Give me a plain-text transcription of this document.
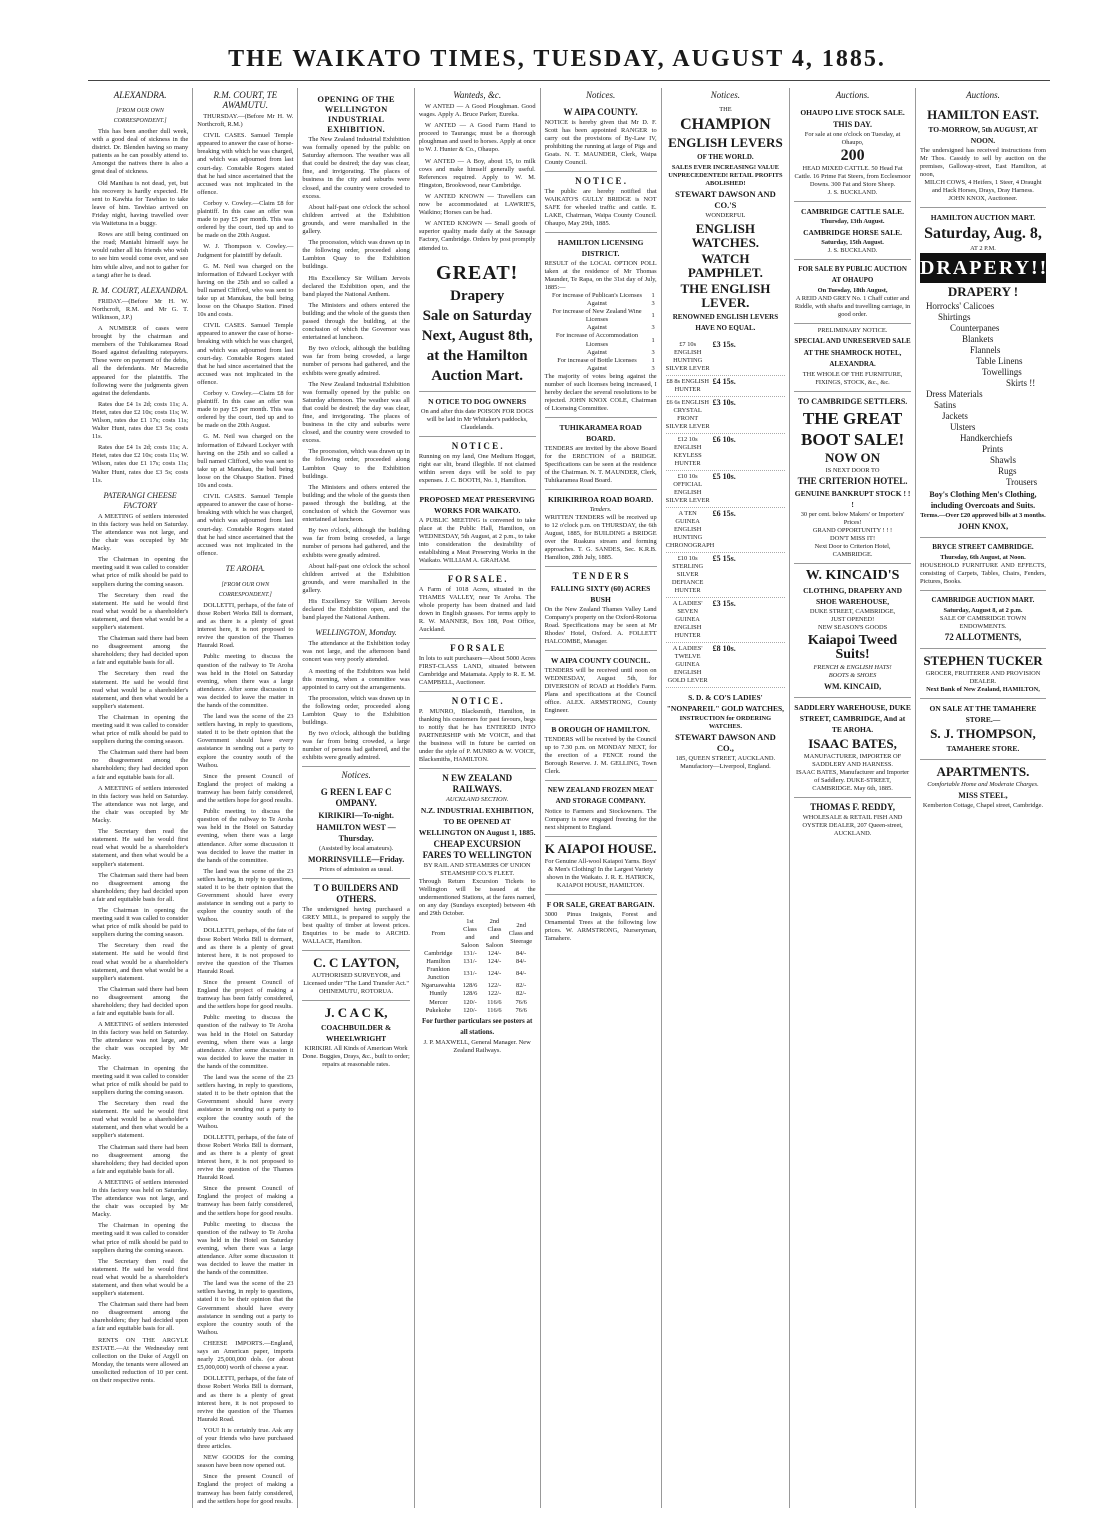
THE WAIKATO TIMES, TUESDAY, AUGUST 4, 1885.
ALEXANDRA.
[FROM OUR OWN CORRESPONDENT.]

This has been another dull week, with a good deal of sickness in the district. Dr. Blenden having so many patients as he can possibly attend to. Amongst the natives there is also a great deal of sickness.

Old Manihau is not dead, yet, but his recovery is hardly expected. He sent to Kawhia for Tawhiao to take leave of him. Tawhiao arrived on Friday night, having travelled over via Waitetuna in a buggy.

Rows are still being continued on the road; Maniahi himself says he would rather all his friends who wish to see him would come over, and see him while alive, and not to gather for a tangi after he is dead.

R. M. COURT, ALEXANDRA.

FRIDAY.—(Before Mr H. W. Northcroft, R.M. and Mr G. T. Wilkinson, J.P.)

A NUMBER of cases were brought by the chairman and members of the Tuhikaramea Road Board against defaulting ratepayers. These were on payment of the debts, all the defendants. Mr Macredie appeared for the plaintiffs. The following were the judgments given against the defendants.

Rates due £4 1s 2d; costs 11s; A. Hetet, rates due £2 10s; costs 11s; W. Wilson, rates due £1 17s; costs 11s; Walter Hunt, rates due £3 5s; costs 11s.

Rates due £4 1s 2d; costs 11s; A. Hetet, rates due £2 10s; costs 11s; W. Wilson, rates due £1 17s; costs 11s; Walter Hunt, rates due £3 5s; costs 11s.

PATERANGI CHEESE FACTORY

A MEETING of settlers interested in this factory was held on Saturday. The attendance was not large, and the chair was occupied by Mr Macky.

The Chairman in opening the meeting said it was called to consider what price of milk should be paid to suppliers during the coming season.

The Secretary then read the statement. He said he would first read what would be a shareholder's statement, and then what would be a supplier's statement.

The Chairman said there had been no disagreement among the shareholders; they had decided upon a fair and equitable basis for all.

The Secretary then read the statement. He said he would first read what would be a shareholder's statement, and then what would be a supplier's statement.

The Chairman in opening the meeting said it was called to consider what price of milk should be paid to suppliers during the coming season.

The Chairman said there had been no disagreement among the shareholders; they had decided upon a fair and equitable basis for all.

A MEETING of settlers interested in this factory was held on Saturday. The attendance was not large, and the chair was occupied by Mr Macky.

The Secretary then read the statement. He said he would first read what would be a shareholder's statement, and then what would be a supplier's statement.

The Chairman said there had been no disagreement among the shareholders; they had decided upon a fair and equitable basis for all.

The Chairman in opening the meeting said it was called to consider what price of milk should be paid to suppliers during the coming season.

The Secretary then read the statement. He said he would first read what would be a shareholder's statement, and then what would be a supplier's statement.

The Chairman said there had been no disagreement among the shareholders; they had decided upon a fair and equitable basis for all.

A MEETING of settlers interested in this factory was held on Saturday. The attendance was not large, and the chair was occupied by Mr Macky.

The Chairman in opening the meeting said it was called to consider what price of milk should be paid to suppliers during the coming season.

The Secretary then read the statement. He said he would first read what would be a shareholder's statement, and then what would be a supplier's statement.

The Chairman said there had been no disagreement among the shareholders; they had decided upon a fair and equitable basis for all.

A MEETING of settlers interested in this factory was held on Saturday. The attendance was not large, and the chair was occupied by Mr Macky.

The Chairman in opening the meeting said it was called to consider what price of milk should be paid to suppliers during the coming season.

The Secretary then read the statement. He said he would first read what would be a shareholder's statement, and then what would be a supplier's statement.

The Chairman said there had been no disagreement among the shareholders; they had decided upon a fair and equitable basis for all.

RENTS ON THE ARGYLE ESTATE.—At the Wednesday rent collection on the Duke of Argyll on Monday, the tenants were allowed an unsolicited reduction of 10 per cent. on their respective rents.

R.M. COURT, TE AWAMUTU.

THURSDAY.—(Before Mr H. W. Northcroft, R.M.)

CIVIL CASES. Samuel Temple appeared to answer the case of horse-breaking with which he was charged, and which was adjourned from last court-day. Constable Rogers stated that he had since ascertained that the accused was not implicated in the offence.

Corboy v. Cowley.—Claim £8 for plaintiff. In this case an offer was made to pay £5 per month. This was ordered by the court, tied up and to be made on the 20th August.

W. J. Thompson v. Cowley.—Judgment for plaintiff by default.

G. M. Neil was charged on the information of Edward Lockyer with having on the 25th and so called a bull named Clifford, who was sent to take up at Manukau, the bull being loose on the Ohaupo Station. Fined 10s and costs.

CIVIL CASES. Samuel Temple appeared to answer the case of horse-breaking with which he was charged, and which was adjourned from last court-day. Constable Rogers stated that he had since ascertained that the accused was not implicated in the offence.

Corboy v. Cowley.—Claim £8 for plaintiff. In this case an offer was made to pay £5 per month. This was ordered by the court, tied up and to be made on the 20th August.

G. M. Neil was charged on the information of Edward Lockyer with having on the 25th and so called a bull named Clifford, who was sent to take up at Manukau, the bull being loose on the Ohaupo Station. Fined 10s and costs.

CIVIL CASES. Samuel Temple appeared to answer the case of horse-breaking with which he was charged, and which was adjourned from last court-day. Constable Rogers stated that he had since ascertained that the accused was not implicated in the offence.

TE AROHA.
[FROM OUR OWN CORRESPONDENT.]

DOLLETTI, perhaps, of the fate of those Robert Works Bill is dormant, and as there is a plenty of great interest here, it is not proposed to revive the question of the Thames Hauraki Road.

Public meeting to discuss the question of the railway to Te Aroha was held in the Hotel on Saturday evening, when there was a large attendance. After some discussion it was decided to leave the matter in the hands of the committee.

The land was the scene of the 23 settlers having, in reply to questions, stated it to be their opinion that the Government should have every assistance in sending out a party to explore the country south of the Waihou.

Since the present Council of England the project of making a tramway has been fairly considered, and the settlers hope for good results.

Public meeting to discuss the question of the railway to Te Aroha was held in the Hotel on Saturday evening, when there was a large attendance. After some discussion it was decided to leave the matter in the hands of the committee.

The land was the scene of the 23 settlers having, in reply to questions, stated it to be their opinion that the Government should have every assistance in sending out a party to explore the country south of the Waihou.

DOLLETTI, perhaps, of the fate of those Robert Works Bill is dormant, and as there is a plenty of great interest here, it is not proposed to revive the question of the Thames Hauraki Road.

Since the present Council of England the project of making a tramway has been fairly considered, and the settlers hope for good results.

Public meeting to discuss the question of the railway to Te Aroha was held in the Hotel on Saturday evening, when there was a large attendance. After some discussion it was decided to leave the matter in the hands of the committee.

The land was the scene of the 23 settlers having, in reply to questions, stated it to be their opinion that the Government should have every assistance in sending out a party to explore the country south of the Waihou.

DOLLETTI, perhaps, of the fate of those Robert Works Bill is dormant, and as there is a plenty of great interest here, it is not proposed to revive the question of the Thames Hauraki Road.

Since the present Council of England the project of making a tramway has been fairly considered, and the settlers hope for good results.

Public meeting to discuss the question of the railway to Te Aroha was held in the Hotel on Saturday evening, when there was a large attendance. After some discussion it was decided to leave the matter in the hands of the committee.

The land was the scene of the 23 settlers having, in reply to questions, stated it to be their opinion that the Government should have every assistance in sending out a party to explore the country south of the Waihou.

CHEESE IMPORTS.—England, says an American paper, imports nearly 25,000,000 dols. (or about £5,000,000) worth of cheese a year.

DOLLETTI, perhaps, of the fate of those Robert Works Bill is dormant, and as there is a plenty of great interest here, it is not proposed to revive the question of the Thames Hauraki Road.

YOU! It is certainly true. Ask any of your friends who have purchased three articles.

NEW GOODS for the coming season have been now opened out.

Since the present Council of England the project of making a tramway has been fairly considered, and the settlers hope for good results.

OPENING OF THE WELLINGTON INDUSTRIAL EXHIBITION.

The New Zealand Industrial Exhibition was formally opened by the public on Saturday afternoon. The weather was all that could be desired; the day was clear, fine, and invigorating. The places of business in the city and suburbs were closed, and the country were crowded to excess.

About half-past one o'clock the school children arrived at the Exhibition grounds, and were marshalled in the gallery.

The procession, which was drawn up in the following order, proceeded along Lambton Quay to the Exhibition buildings.

His Excellency Sir William Jervois declared the Exhibition open, and the band played the National Anthem.

The Ministers and others entered the building; and the whole of the guests then passed through the building, at the conclusion of which the Governor was entertained at luncheon.

By two o'clock, although the building was far from being crowded, a large number of persons had gathered, and the exhibits were greatly admired.

The New Zealand Industrial Exhibition was formally opened by the public on Saturday afternoon. The weather was all that could be desired; the day was clear, fine, and invigorating. The places of business in the city and suburbs were closed, and the country were crowded to excess.

The procession, which was drawn up in the following order, proceeded along Lambton Quay to the Exhibition buildings.

The Ministers and others entered the building; and the whole of the guests then passed through the building, at the conclusion of which the Governor was entertained at luncheon.

By two o'clock, although the building was far from being crowded, a large number of persons had gathered, and the exhibits were greatly admired.

About half-past one o'clock the school children arrived at the Exhibition grounds, and were marshalled in the gallery.

His Excellency Sir William Jervois declared the Exhibition open, and the band played the National Anthem.

WELLINGTON, Monday.

The attendance at the Exhibition today was not large, and the afternoon band concert was very poorly attended.

A meeting of the Exhibitors was held this morning, when a committee was appointed to carry out the arrangements.

The procession, which was drawn up in the following order, proceeded along Lambton Quay to the Exhibition buildings.

By two o'clock, although the building was far from being crowded, a large number of persons had gathered, and the exhibits were greatly admired.

Notices.
G REEN L EAF C OMPANY.
KIRIKIRI—To-night.
HAMILTON WEST — Thursday.
(Assisted by local amateurs).
MORRINSVILLE—Friday.
Prices of admission as usual.
T O BUILDERS AND OTHERS.
The undersigned having purchased a GREY MILL, is prepared to supply the best quality of timber at lowest prices. Enquiries to be made to ARCHD. WALLACE, Hamilton.
C. C LAYTON,
AUTHORISED SURVEYOR, and Licensed under "The Land Transfer Act." OHINEMUTU, ROTORUA.
J. C A C K,
COACHBUILDER & WHEELWRIGHT
KIRIKIRI. All Kinds of American Work Done. Buggies, Drays, &c., built to order; repairs at reasonable rates.
Wanteds, &c.

W ANTED — A Good Ploughman. Good wages. Apply A. Bruce Parker, Eureka.

W ANTED — A Good Farm Hand to proceed to Tauranga; must be a thorough ploughman and used to horses. Apply at once to W. J. Hunter & Co., Ohaupo.

W ANTED — A Boy, about 15, to milk cows and make himself generally useful. References required. Apply to W. M. Hingston, Brookwood, near Cambridge.

W ANTED KNOWN — Travellers can now be accommodated at LAWRIE'S, Waikino; Horses can be had.

W ANTED KNOWN — Small goods of superior quality made daily at the Sausage Factory, Cambridge. Orders by post promptly attended to.

GREAT!
Drapery
Sale on Saturday
Next, August 8th,
at the Hamilton
Auction Mart.
N OTICE TO DOG OWNERS
On and after this date POISON FOR DOGS will be laid in Mr Whitaker's paddocks, Claudelands.
N O T I C E .
Running on my land, One Medium Hogget, right ear slit, brand illegible. If not claimed within seven days will be sold to pay expenses. J. C. BOOTH, No. 1, Hamilton.
PROPOSED MEAT PRESERVING WORKS FOR WAIKATO.
A PUBLIC MEETING is convened to take place at the Public Hall, Hamilton, on WEDNESDAY, 5th August, at 2 p.m., to take into consideration the desirability of establishing a Meat Preserving Works in the Waikato. WILLIAM A. GRAHAM.
F O R S A L E .
A Farm of 1018 Acres, situated in the THAMES VALLEY, near Te Aroha. The whole property has been drained and laid down in English grasses. For terms apply to R. W. MANNER, Box 188, Post Office, Auckland.
F O R S A L E
In lots to suit purchasers—About 5000 Acres FIRST-CLASS LAND, situated between Cambridge and Matamata. Apply to R. E. M. CAMPBELL, Auctioneer.
N O T I C E .
P. MUNRO, Blacksmith, Hamilton, in thanking his customers for past favours, begs to notify that he has ENTERED INTO PARTNERSHIP with Mr VOICE, and that the business will in future be carried on under the style of P. MUNRO & W. VOICE, Blacksmiths, HAMILTON.
N EW ZEALAND RAILWAYS.
AUCKLAND SECTION.
N.Z. INDUSTRIAL EXHIBITION, TO BE OPENED AT WELLINGTON ON August 1, 1885.
CHEAP EXCURSION FARES TO WELLINGTON
BY RAIL AND STEAMERS OF UNION STEAMSHIP CO.'S FLEET.
Through Return Excursion Tickets to Wellington will be issued at the undermentioned Stations, at the fares named, on any day (Sundays excepted) between 4th and 29th October.
From	1st Class and Saloon	2nd Class and Saloon	2nd Class and Steerage
Cambridge	131/-	124/-	84/-
Hamilton	131/-	124/-	84/-
Frankton Junction	131/-	124/-	84/-
Ngaruawahia	128/6	122/-	82/-
Huntly	128/6	122/-	82/-
Mercer	120/-	116/6	76/6
Pukekohe	120/-	116/6	76/6
For further particulars see posters at all stations.
J. P. MAXWELL, General Manager. New Zealand Railways.
Notices.
W AIPA COUNTY.
NOTICE is hereby given that Mr D. F. Scott has been appointed RANGER to carry out the provisions of By-Law IV, prohibiting the running at large of Pigs and Goats. N. T. MAUNDER, Clerk, Waipa County Council.
N O T I C E .
The public are hereby notified that WAIKATO'S GULLY BRIDGE is NOT SAFE for wheeled traffic and cattle. E. LAKE, Chairman, Waipa County Council. Ohaupo, May 29th, 1885.
HAMILTON LICENSING DISTRICT.
RESULT of the LOCAL OPTION POLL taken at the residence of Mr Thomas Maunder, Te Rapa, on the 31st day of July, 1885:—
For increase of Publican's Licenses	1
Against	3
For increase of New Zealand Wine Licenses	1
Against	3
For increase of Accommodation Licenses	1
Against	3
For increase of Bottle Licenses	1
Against	3
The majority of votes being against the number of such licenses being increased, I hereby declare the several resolutions to be rejected. JOHN KNOX COLE, Chairman of Licensing Committee.
TUHIKARAMEA ROAD BOARD.
TENDERS are invited by the above Board for the ERECTION of a BRIDGE. Specifications can be seen at the residence of the Chairman. N. T. MAUNDER, Clerk, Tuhikaramea Road Board.
KIRIKIRIROA ROAD BOARD.
Tenders.
WRITTEN TENDERS will be received up to 12 o'clock p.m. on THURSDAY, the 6th August, 1885, for BUILDING a BRIDGE over the Ruakura stream and forming approaches. T. G. SANDES, Sec. K.R.B. Hamilton, 28th July, 1885.
T E N D E R S
FALLING SIXTY (60) ACRES BUSH
On the New Zealand Thames Valley Land Company's property on the Oxford-Rotorua Road. Specifications may be seen at Mr Rhodes' Hotel, Oxford. A. FOLLETT HALCOMBE, Manager.
W AIPA COUNTY COUNCIL.
TENDERS will be received until noon on WEDNESDAY, August 5th, for DIVERSION of ROAD at Hoddle's Farm. Plans and specifications at the Council office. ALEX. ARMSTRONG, County Engineer.
B OROUGH OF HAMILTON.
TENDERS will be received by the Council up to 7.30 p.m. on MONDAY NEXT, for the erection of a FENCE round the Borough Reserve. J. M. GELLING, Town Clerk.
NEW ZEALAND FROZEN MEAT AND STORAGE COMPANY.
Notice to Farmers and Stockowners. The Company is now engaged freezing for the next shipment to England.
K AIAPOI HOUSE.
For Genuine All-wool Kaiapoi Yarns. Boys' & Men's Clothing! In the Largest Variety shown in the Waikato. J. R. E. HATRICK, KAIAPOI HOUSE, HAMILTON.
F OR SALE, GREAT BARGAIN.
3000 Pinus Insignis, Forest and Ornamental Trees at the following low prices. W. ARMSTRONG, Nurseryman, Tamahere.
Notices.
THE
CHAMPION
ENGLISH LEVERS
OF THE WORLD.
SALES EVER INCREASING! VALUE UNPRECEDENTED! RETAIL PROFITS ABOLISHED!
STEWART DAWSON AND CO.'S
WONDERFUL
ENGLISH WATCHES.
WATCH PAMPHLET.
THE ENGLISH LEVER.
RENOWNED ENGLISH LEVERS HAVE NO EQUAL.
£7 10s ENGLISH HUNTING SILVER LEVER
£3 15s.
£8 8s ENGLISH HUNTER
£4 15s.
£6 6s ENGLISH CRYSTAL FRONT SILVER LEVER
£3 10s.
£12 10s ENGLISH KEYLESS HUNTER
£6 10s.
£10 10s OFFICIAL ENGLISH SILVER LEVER
£5 10s.
A TEN GUINEA ENGLISH HUNTING CHRONOGRAPH
£6 15s.
£10 10s STERLING SILVER DEFIANCE HUNTER
£5 15s.
A LADIES' SEVEN GUINEA ENGLISH HUNTER
£3 15s.
A LADIES' TWELVE GUINEA ENGLISH GOLD LEVER
£8 10s.
S. D. & CO'S LADIES' "NONPAREIL" GOLD WATCHES,
INSTRUCTION for ORDERING WATCHES.
STEWART DAWSON AND CO.,
185, QUEEN STREET, AUCKLAND. Manufactory—Liverpool, England.
Auctions.
OHAUPO LIVE STOCK SALE.
THIS DAY.
For sale at one o'clock on Tuesday, at Ohaupo,
200
HEAD MIXED CATTLE. 50 Head Fat Cattle. 16 Prime Fat Steers, from Ecclesmoor Downs. 300 Fat and Store Sheep.
J. S. BUCKLAND.
CAMBRIDGE CATTLE SALE.
Thursday, 13th August.
CAMBRIDGE HORSE SALE.
Saturday, 15th August.
J. S. BUCKLAND.
FOR SALE BY PUBLIC AUCTION AT OHAUPO
On Tuesday, 18th August,
A REID AND GREY No. 1 Chaff cutter and Riddle, with shafts and travelling carriage, in good order.
PRELIMINARY NOTICE.
SPECIAL AND UNRESERVED SALE
AT THE SHAMROCK HOTEL, ALEXANDRA.
THE WHOLE OF THE FURNITURE, FIXINGS, STOCK, &c., &c.
TO CAMBRIDGE SETTLERS.
THE GREAT
BOOT SALE!
NOW ON
IS NEXT DOOR TO
THE CRITERION HOTEL.
GENUINE BANKRUPT STOCK ! ! !
30 per cent. below Makers' or Importers' Prices!
GRAND OPPORTUNITY ! ! !
DON'T MISS IT!
Next Door to Criterion Hotel, CAMBRIDGE.
W. KINCAID'S
CLOTHING, DRAPERY AND SHOE WAREHOUSE,
DUKE STREET, CAMBRIDGE,
JUST OPENED!
NEW SEASON'S GOODS
Kaiapoi Tweed Suits!
FRENCH & ENGLISH HATS!
BOOTS & SHOES
WM. KINCAID,
SADDLERY WAREHOUSE, DUKE STREET, CAMBRIDGE, And at TE AROHA.
ISAAC BATES,
MANUFACTURER, IMPORTER OF SADDLERY AND HARNESS.
ISAAC BATES, Manufacturer and Importer of Saddlery. DUKE-STREET, CAMBRIDGE. May 6th, 1885.
THOMAS F. REDDY,
WHOLESALE & RETAIL FISH AND OYSTER DEALER, 207 Queen-street, AUCKLAND.
Auctions.
HAMILTON EAST.
TO-MORROW, 5th AUGUST, AT NOON.
The undersigned has received instructions from Mr Thos. Cassidy to sell by auction on the premises, Galloway-street, East Hamilton, at noon,
MILCH COWS, 4 Heifers, 1 Steer, 4 Draught and Hack Horses, Drays, Dray Harness.
JOHN KNOX, Auctioneer.
HAMILTON AUCTION MART.
Saturday, Aug. 8,
AT 2 P.M.
DRAPERY!!
DRAPERY !
Horrocks' Calicoes
Shirtings
Counterpanes
Blankets
Flannels
Table Linens
Towellings
Skirts !!
Dress Materials
Satins
Jackets
Ulsters
Handkerchiefs
Prints
Shawls
Rugs
Trousers
Boy's Clothing Men's Clothing, including Overcoats and Suits.
Terms.—Over £20 approved bills at 3 months.
JOHN KNOX,
BRYCE STREET CAMBRIDGE.
Thursday, 6th August, at Noon.
HOUSEHOLD FURNITURE AND EFFECTS, consisting of Carpets, Tables, Chairs, Fenders, Pictures, Books.
CAMBRIDGE AUCTION MART.
Saturday, August 8, at 2 p.m.
SALE OF CAMBRIDGE TOWN ENDOWMENTS.
72 ALLOTMENTS,
STEPHEN TUCKER
GROCER, FRUITERER AND PROVISION DEALER.
Next Bank of New Zealand, HAMILTON,
ON SALE AT THE TAMAHERE STORE.—
S. J. THOMPSON,
TAMAHERE STORE.
APARTMENTS.
Comfortable Home and Moderate Charges.
MISS STEEL,
Kemberton Cottage, Chapel street, Cambridge.
